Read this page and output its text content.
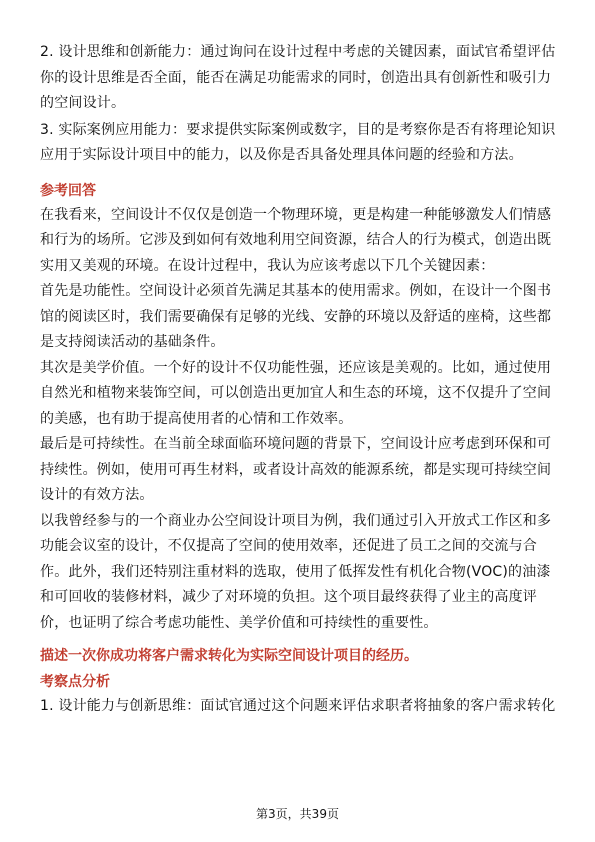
2. 设计思维和创新能力：通过询问在设计过程中考虑的关键因素，面试官希望评估你的设计思维是否全面，能否在满足功能需求的同时，创造出具有创新性和吸引力的空间设计。

3. 实际案例应用能力：要求提供实际案例或数字，目的是考察你是否有将理论知识应用于实际设计项目中的能力，以及你是否具备处理具体问题的经验和方法。

参考回答

在我看来，空间设计不仅仅是创造一个物理环境，更是构建一种能够激发人们情感和行为的场所。它涉及到如何有效地利用空间资源，结合人的行为模式，创造出既实用又美观的环境。在设计过程中，我认为应该考虑以下几个关键因素：

首先是功能性。空间设计必须首先满足其基本的使用需求。例如，在设计一个图书馆的阅读区时，我们需要确保有足够的光线、安静的环境以及舒适的座椅，这些都是支持阅读活动的基础条件。

其次是美学价值。一个好的设计不仅功能性强，还应该是美观的。比如，通过使用自然光和植物来装饰空间，可以创造出更加宜人和生态的环境，这不仅提升了空间的美感，也有助于提高使用者的心情和工作效率。

最后是可持续性。在当前全球面临环境问题的背景下，空间设计应考虑到环保和可持续性。例如，使用可再生材料，或者设计高效的能源系统，都是实现可持续空间设计的有效方法。

以我曾经参与的一个商业办公空间设计项目为例，我们通过引入开放式工作区和多功能会议室的设计，不仅提高了空间的使用效率，还促进了员工之间的交流与合作。此外，我们还特别注重材料的选取，使用了低挥发性有机化合物(VOC)的油漆和可回收的装修材料，减少了对环境的负担。这个项目最终获得了业主的高度评价，也证明了综合考虑功能性、美学价值和可持续性的重要性。

描述一次你成功将客户需求转化为实际空间设计项目的经历。

考察点分析

1. 设计能力与创新思维：面试官通过这个问题来评估求职者将抽象的客户需求转化

第3页，共39页
